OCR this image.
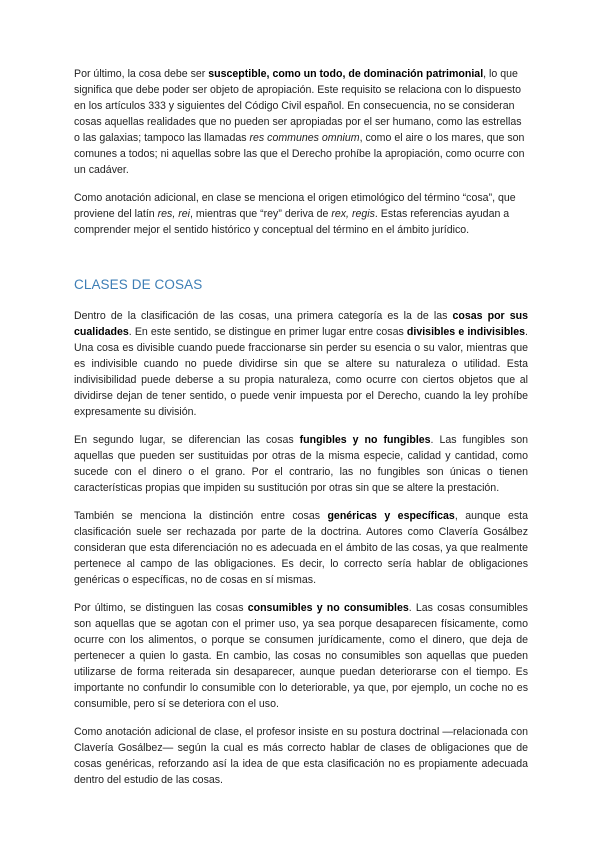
Por último, la cosa debe ser susceptible, como un todo, de dominación patrimonial, lo que significa que debe poder ser objeto de apropiación. Este requisito se relaciona con lo dispuesto en los artículos 333 y siguientes del Código Civil español. En consecuencia, no se consideran cosas aquellas realidades que no pueden ser apropiadas por el ser humano, como las estrellas o las galaxias; tampoco las llamadas res communes omnium, como el aire o los mares, que son comunes a todos; ni aquellas sobre las que el Derecho prohíbe la apropiación, como ocurre con un cadáver.

Como anotación adicional, en clase se menciona el origen etimológico del término “cosa”, que proviene del latín res, rei, mientras que “rey” deriva de rex, regis. Estas referencias ayudan a comprender mejor el sentido histórico y conceptual del término en el ámbito jurídico.

CLASES DE COSAS

Dentro de la clasificación de las cosas, una primera categoría es la de las cosas por sus cualidades. En este sentido, se distingue en primer lugar entre cosas divisibles e indivisibles. Una cosa es divisible cuando puede fraccionarse sin perder su esencia o su valor, mientras que es indivisible cuando no puede dividirse sin que se altere su naturaleza o utilidad. Esta indivisibilidad puede deberse a su propia naturaleza, como ocurre con ciertos objetos que al dividirse dejan de tener sentido, o puede venir impuesta por el Derecho, cuando la ley prohíbe expresamente su división.

En segundo lugar, se diferencian las cosas fungibles y no fungibles. Las fungibles son aquellas que pueden ser sustituidas por otras de la misma especie, calidad y cantidad, como sucede con el dinero o el grano. Por el contrario, las no fungibles son únicas o tienen características propias que impiden su sustitución por otras sin que se altere la prestación.

También se menciona la distinción entre cosas genéricas y específicas, aunque esta clasificación suele ser rechazada por parte de la doctrina. Autores como Clavería Gosálbez consideran que esta diferenciación no es adecuada en el ámbito de las cosas, ya que realmente pertenece al campo de las obligaciones. Es decir, lo correcto sería hablar de obligaciones genéricas o específicas, no de cosas en sí mismas.

Por último, se distinguen las cosas consumibles y no consumibles. Las cosas consumibles son aquellas que se agotan con el primer uso, ya sea porque desaparecen físicamente, como ocurre con los alimentos, o porque se consumen jurídicamente, como el dinero, que deja de pertenecer a quien lo gasta. En cambio, las cosas no consumibles son aquellas que pueden utilizarse de forma reiterada sin desaparecer, aunque puedan deteriorarse con el tiempo. Es importante no confundir lo consumible con lo deteriorable, ya que, por ejemplo, un coche no es consumible, pero sí se deteriora con el uso.

Como anotación adicional de clase, el profesor insiste en su postura doctrinal —relacionada con Clavería Gosálbez— según la cual es más correcto hablar de clases de obligaciones que de cosas genéricas, reforzando así la idea de que esta clasificación no es propiamente adecuada dentro del estudio de las cosas.
